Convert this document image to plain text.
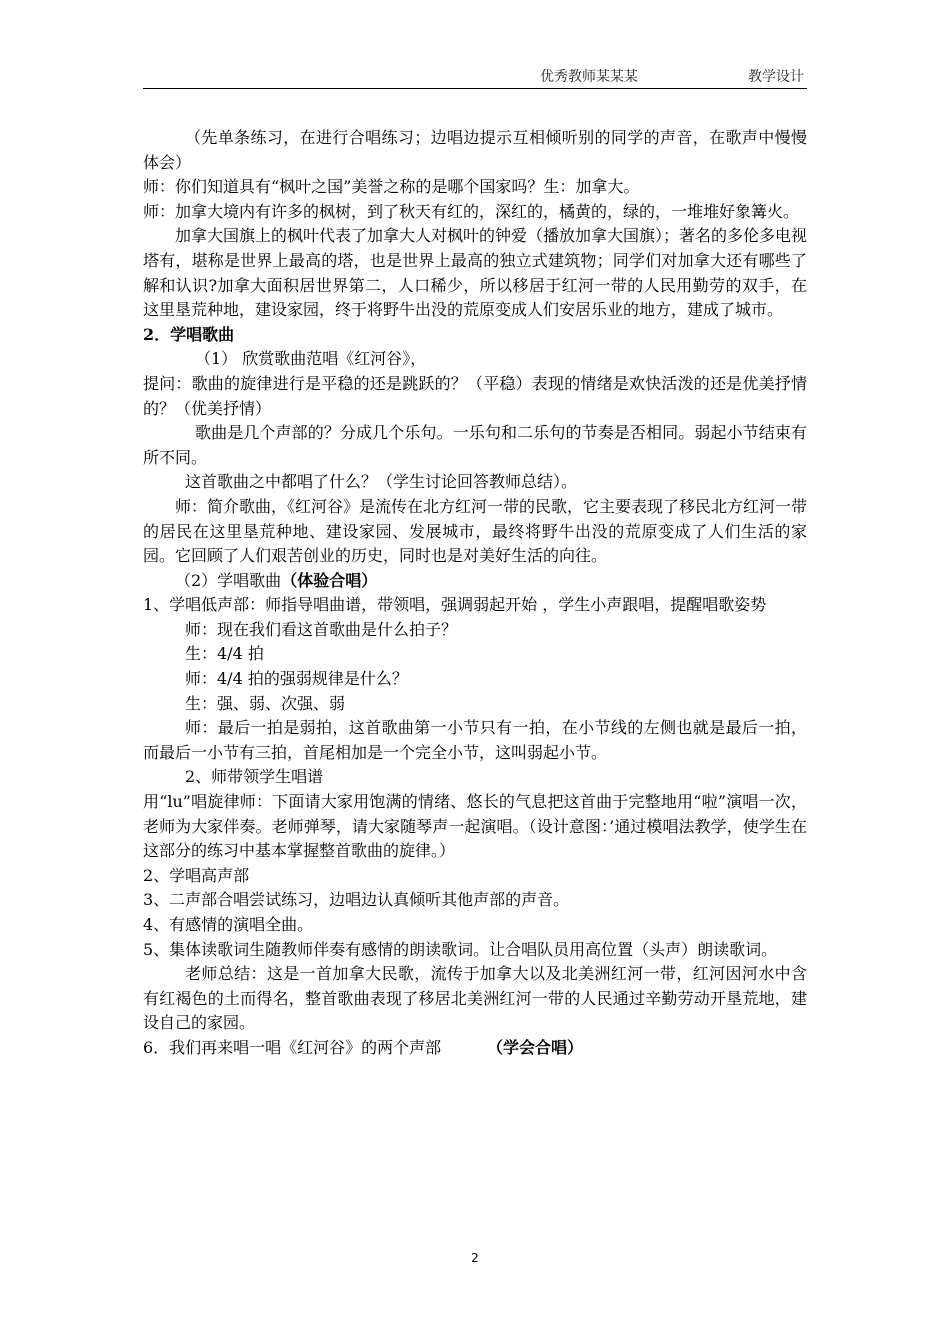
优秀教师某某某	教学设计

（先单条练习，在进行合唱练习；边唱边提示互相倾听别的同学的声音，在歌声中慢慢体会）

师：你们知道具有“枫叶之国”美誉之称的是哪个国家吗？生：加拿大。

师：加拿大境内有许多的枫树，到了秋天有红的，深红的，橘黄的，绿的，一堆堆好象篝火。

加拿大国旗上的枫叶代表了加拿大人对枫叶的钟爱（播放加拿大国旗）；著名的多伦多电视塔有，堪称是世界上最高的塔，也是世界上最高的独立式建筑物；同学们对加拿大还有哪些了解和认识?加拿大面积居世界第二，人口稀少，所以移居于红河一带的人民用勤劳的双手，在这里垦荒种地，建设家园，终于将野牛出没的荒原变成人们安居乐业的地方，建成了城市。

2．学唱歌曲

（1） 欣赏歌曲范唱《红河谷》，

提问：歌曲的旋律进行是平稳的还是跳跃的？（平稳）表现的情绪是欢快活泼的还是优美抒情的？（优美抒情）

歌曲是几个声部的？分成几个乐句。一乐句和二乐句的节奏是否相同。弱起小节结束有所不同。

这首歌曲之中都唱了什么？（学生讨论回答教师总结）。

师：简介歌曲，《红河谷》是流传在北方红河一带的民歌，它主要表现了移民北方红河一带的居民在这里垦荒种地、建设家园、发展城市，最终将野牛出没的荒原变成了人们生活的家园。它回顾了人们艰苦创业的历史，同时也是对美好生活的向往。

（2）学唱歌曲（体验合唱）

1、学唱低声部：师指导唱曲谱，带领唱，强调弱起开始 ，学生小声跟唱，提醒唱歌姿势

师：现在我们看这首歌曲是什么拍子？

生：4/4 拍

师：4/4 拍的强弱规律是什么？

生：强、弱、次强、弱

师：最后一拍是弱拍，这首歌曲第一小节只有一拍，在小节线的左侧也就是最后一拍，而最后一小节有三拍，首尾相加是一个完全小节，这叫弱起小节。

2、师带领学生唱谱

用“lu”唱旋律师：下面请大家用饱满的情绪、悠长的气息把这首曲于完整地用“啦”演唱一次，老师为大家伴奏。老师弹琴，请大家随琴声一起演唱。（设计意图：’通过模唱法教学，使学生在这部分的练习中基本掌握整首歌曲的旋律。）

2、学唱高声部

3、二声部合唱尝试练习，边唱边认真倾听其他声部的声音。

4、有感情的演唱全曲。

5、集体读歌词生随教师伴奏有感情的朗读歌词。让合唱队员用高位置（头声）朗读歌词。

老师总结：这是一首加拿大民歌，流传于加拿大以及北美洲红河一带，红河因河水中含有红褐色的土而得名，整首歌曲表现了移居北美洲红河一带的人民通过辛勤劳动开垦荒地，建设自己的家园。

6．我们再来唱一唱《红河谷》的两个声部         （学会合唱）

2
